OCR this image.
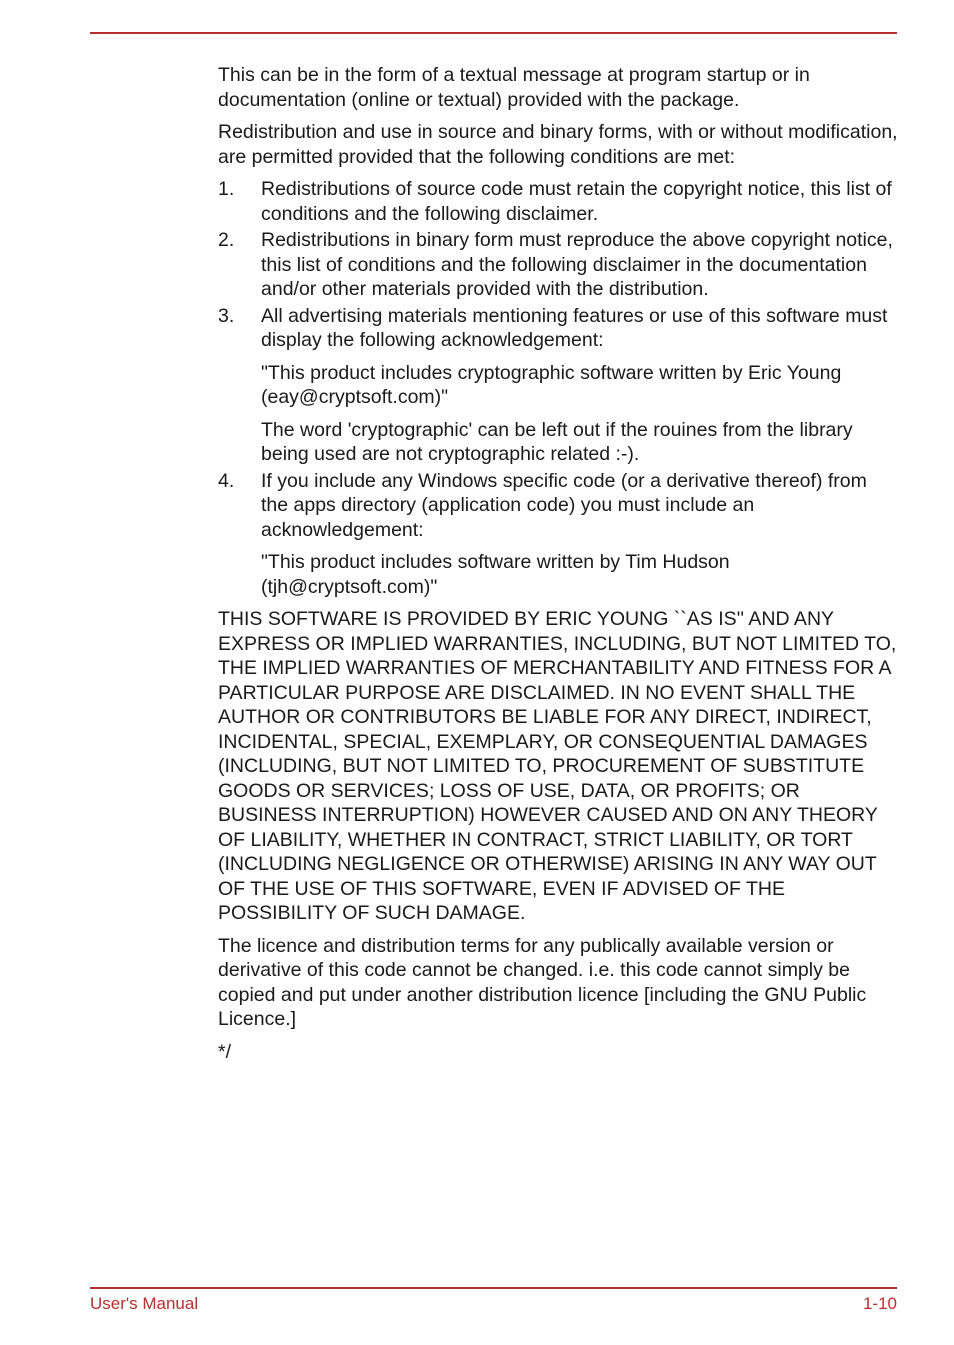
This can be in the form of a textual message at program startup or in documentation (online or textual) provided with the package.

Redistribution and use in source and binary forms, with or without modification, are permitted provided that the following conditions are met:

1. Redistributions of source code must retain the copyright notice, this list of conditions and the following disclaimer.
2. Redistributions in binary form must reproduce the above copyright notice, this list of conditions and the following disclaimer in the documentation and/or other materials provided with the distribution.
3. All advertising materials mentioning features or use of this software must display the following acknowledgement:
"This product includes cryptographic software written by Eric Young (eay@cryptsoft.com)"
The word 'cryptographic' can be left out if the rouines from the library being used are not cryptographic related :-).
4. If you include any Windows specific code (or a derivative thereof) from the apps directory (application code) you must include an acknowledgement:
"This product includes software written by Tim Hudson (tjh@cryptsoft.com)"

THIS SOFTWARE IS PROVIDED BY ERIC YOUNG ``AS IS'' AND ANY EXPRESS OR IMPLIED WARRANTIES, INCLUDING, BUT NOT LIMITED TO, THE IMPLIED WARRANTIES OF MERCHANTABILITY AND FITNESS FOR A PARTICULAR PURPOSE ARE DISCLAIMED. IN NO EVENT SHALL THE AUTHOR OR CONTRIBUTORS BE LIABLE FOR ANY DIRECT, INDIRECT, INCIDENTAL, SPECIAL, EXEMPLARY, OR CONSEQUENTIAL DAMAGES (INCLUDING, BUT NOT LIMITED TO, PROCUREMENT OF SUBSTITUTE GOODS OR SERVICES; LOSS OF USE, DATA, OR PROFITS; OR BUSINESS INTERRUPTION) HOWEVER CAUSED AND ON ANY THEORY OF LIABILITY, WHETHER IN CONTRACT, STRICT LIABILITY, OR TORT (INCLUDING NEGLIGENCE OR OTHERWISE) ARISING IN ANY WAY OUT OF THE USE OF THIS SOFTWARE, EVEN IF ADVISED OF THE POSSIBILITY OF SUCH DAMAGE.

The licence and distribution terms for any publically available version or derivative of this code cannot be changed. i.e. this code cannot simply be copied and put under another distribution licence [including the GNU Public Licence.]

*/

User's Manual	1-10
